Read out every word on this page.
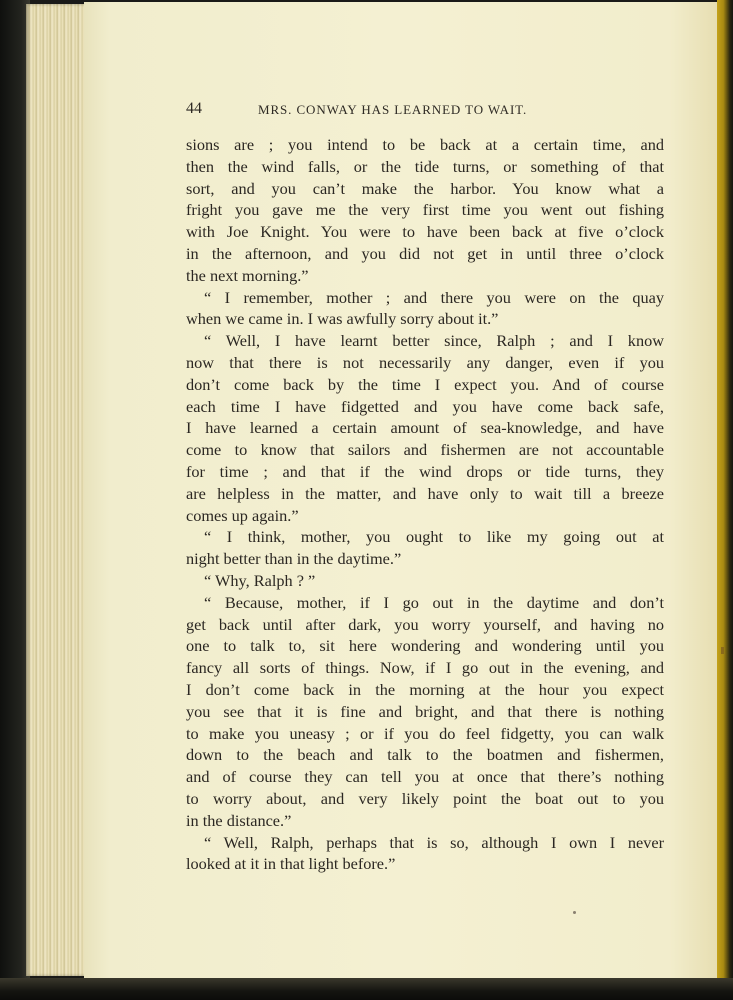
44	MRS. CONWAY HAS LEARNED TO WAIT.
sions are ; you intend to be back at a certain time, and
then the wind falls, or the tide turns, or something of that
sort, and you can’t make the harbor. You know what a
fright you gave me the very first time you went out fishing
with Joe Knight. You were to have been back at five o’clock
in the afternoon, and you did not get in until three o’clock
the next morning.”
“ I remember, mother ; and there you were on the quay
when we came in. I was awfully sorry about it.”
“ Well, I have learnt better since, Ralph ; and I know
now that there is not necessarily any danger, even if you
don’t come back by the time I expect you. And of course
each time I have fidgetted and you have come back safe,
I have learned a certain amount of sea-knowledge, and have
come to know that sailors and fishermen are not accountable
for time ; and that if the wind drops or tide turns, they
are helpless in the matter, and have only to wait till a breeze
comes up again.”
“ I think, mother, you ought to like my going out at
night better than in the daytime.”
“ Why, Ralph ? ”
“ Because, mother, if I go out in the daytime and don’t
get back until after dark, you worry yourself, and having no
one to talk to, sit here wondering and wondering until you
fancy all sorts of things. Now, if I go out in the evening, and
I don’t come back in the morning at the hour you expect
you see that it is fine and bright, and that there is nothing
to make you uneasy ; or if you do feel fidgetty, you can walk
down to the beach and talk to the boatmen and fishermen,
and of course they can tell you at once that there’s nothing
to worry about, and very likely point the boat out to you
in the distance.”
“ Well, Ralph, perhaps that is so, although I own I never
looked at it in that light before.”
